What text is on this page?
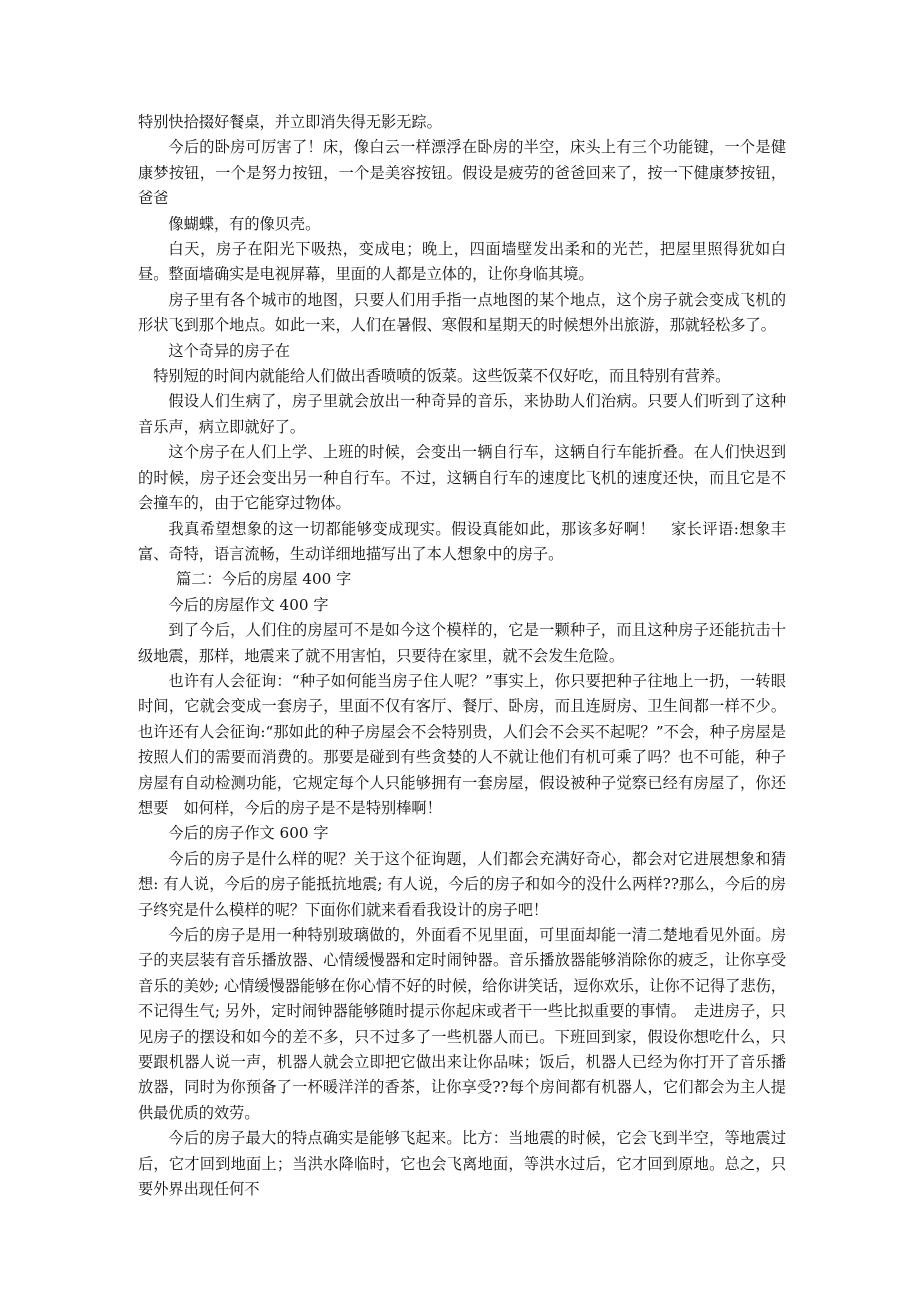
特别快拾掇好餐桌，并立即消失得无影无踪。

今后的卧房可厉害了！床，像白云一样漂浮在卧房的半空，床头上有三个功能键，一个是健康梦按钮，一个是努力按钮，一个是美容按钮。假设是疲劳的爸爸回来了，按一下健康梦按钮，爸爸

像蝴蝶，有的像贝壳。

白天，房子在阳光下吸热，变成电；晚上，四面墙壁发出柔和的光芒，把屋里照得犹如白昼。整面墙确实是电视屏幕，里面的人都是立体的，让你身临其境。

房子里有各个城市的地图，只要人们用手指一点地图的某个地点，这个房子就会变成飞机的形状飞到那个地点。如此一来，人们在暑假、寒假和星期天的时候想外出旅游，那就轻松多了。

这个奇异的房子在

特别短的时间内就能给人们做出香喷喷的饭菜。这些饭菜不仅好吃，而且特别有营养。

假设人们生病了，房子里就会放出一种奇异的音乐，来协助人们治病。只要人们听到了这种音乐声，病立即就好了。

这个房子在人们上学、上班的时候，会变出一辆自行车，这辆自行车能折叠。在人们快迟到的时候，房子还会变出另一种自行车。不过，这辆自行车的速度比飞机的速度还快，而且它是不会撞车的，由于它能穿过物体。

我真希望想象的这一切都能够变成现实。假设真能如此，那该多好啊！　家长评语:想象丰富、奇特，语言流畅，生动详细地描写出了本人想象中的房子。

篇二：今后的房屋 400 字

今后的房屋作文 400 字

到了今后，人们住的房屋可不是如今这个模样的，它是一颗种子，而且这种房子还能抗击十级地震，那样，地震来了就不用害怕，只要待在家里，就不会发生危险。

也许有人会征询：“种子如何能当房子住人呢？”事实上，你只要把种子往地上一扔，一转眼时间，它就会变成一套房子，里面不仅有客厅、餐厅、卧房，而且连厨房、卫生间都一样不少。也许还有人会征询:“那如此的种子房屋会不会特别贵，人们会不会买不起呢？”不会，种子房屋是按照人们的需要而消费的。那要是碰到有些贪婪的人不就让他们有机可乘了吗？也不可能，种子房屋有自动检测功能，它规定每个人只能够拥有一套房屋，假设被种子觉察已经有房屋了，你还想要　如何样，今后的房子是不是特别棒啊！

今后的房子作文 600 字

今后的房子是什么样的呢？关于这个征询题，人们都会充满好奇心，都会对它进展想象和猜想: 有人说，今后的房子能抵抗地震; 有人说，今后的房子和如今的没什么两样??那么，今后的房子终究是什么模样的呢？下面你们就来看看我设计的房子吧！

今后的房子是用一种特别玻璃做的，外面看不见里面，可里面却能一清二楚地看见外面。房子的夹层装有音乐播放器、心情缓慢器和定时闹钟器。音乐播放器能够消除你的疲乏，让你享受音乐的美妙; 心情缓慢器能够在你心情不好的时候，给你讲笑话，逗你欢乐，让你不记得了悲伤，不记得生气; 另外，定时闹钟器能够随时提示你起床或者干一些比拟重要的事情。　走进房子，只见房子的摆设和如今的差不多，只不过多了一些机器人而已。下班回到家，假设你想吃什么，只要跟机器人说一声，机器人就会立即把它做出来让你品味；饭后，机器人已经为你打开了音乐播放器，同时为你预备了一杯暖洋洋的香茶，让你享受??每个房间都有机器人，它们都会为主人提供最优质的效劳。

今后的房子最大的特点确实是能够飞起来。比方：当地震的时候，它会飞到半空，等地震过后，它才回到地面上；当洪水降临时，它也会飞离地面，等洪水过后，它才回到原地。总之，只要外界出现任何不
